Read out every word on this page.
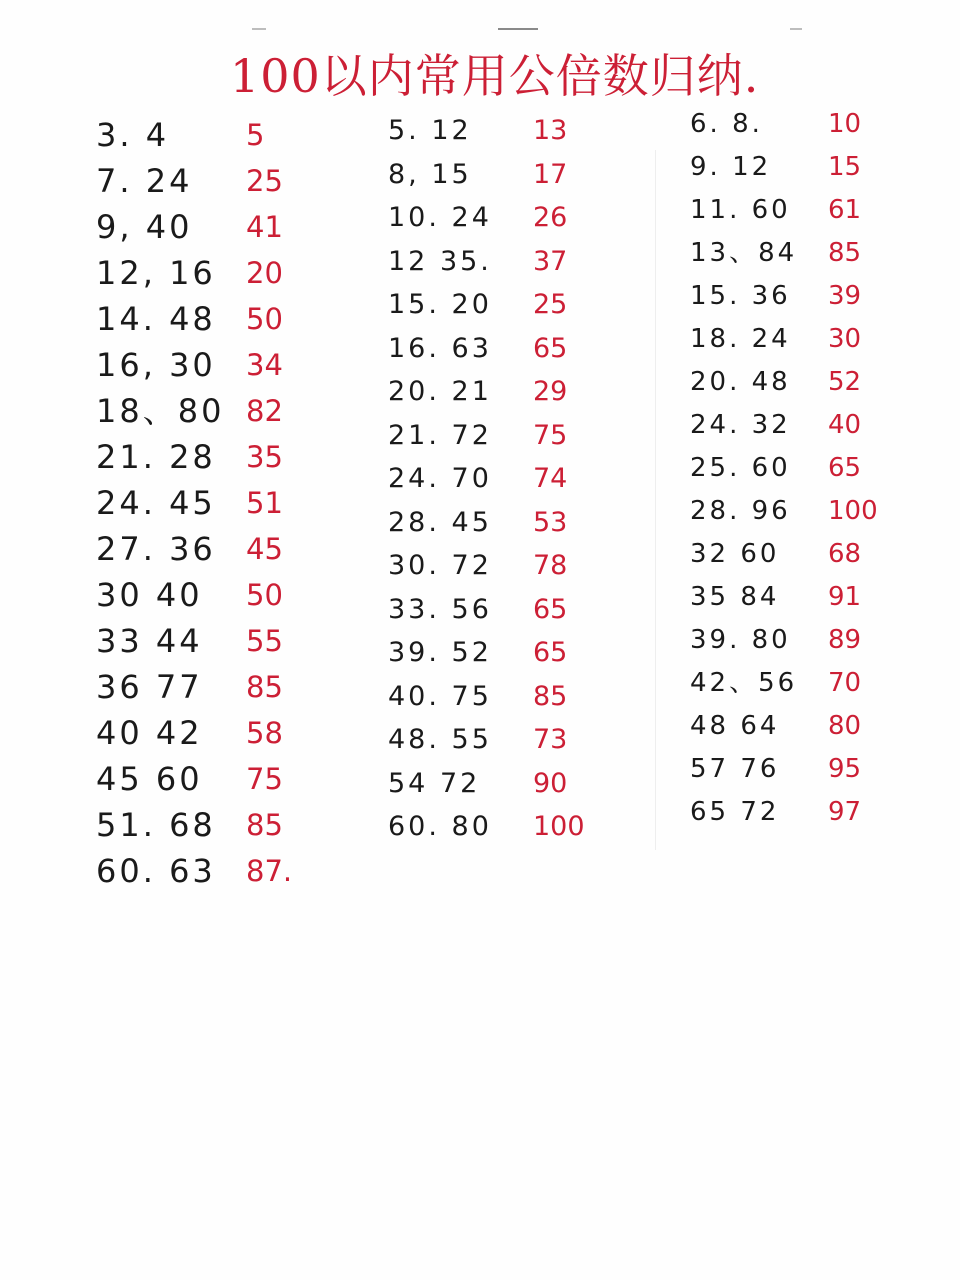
100以内常用公倍数归纳.
3. 4	5
7. 24 25
9, 40 41
12, 16 20
14. 48 50
16, 30 34
18、80 82
21. 28 35
24. 45 51
27. 36 45
30 40 50
33 44 55
36 77 85
40 42 58
45 60 75
51. 68 85
60. 63 87.
5. 12 13
8, 15 17
10. 24 26
12 35. 37
15. 20 25
16. 63 65
20. 21 29
21. 72 75
24. 70 74
28. 45 53
30. 72 78
33. 56 65
39. 52 65
40. 75 85
48. 55 73
54 72 90
60. 80 100
6. 8.	10
9. 12 15
11. 60 61
13、84 85
15. 36 39
18. 24 30
20. 48 52
24. 32 40
25. 60 65
28. 96 100
32 60 68
35 84 91
39. 80 89
42、56 70
48 64 80
57 76 95
65 72 97
